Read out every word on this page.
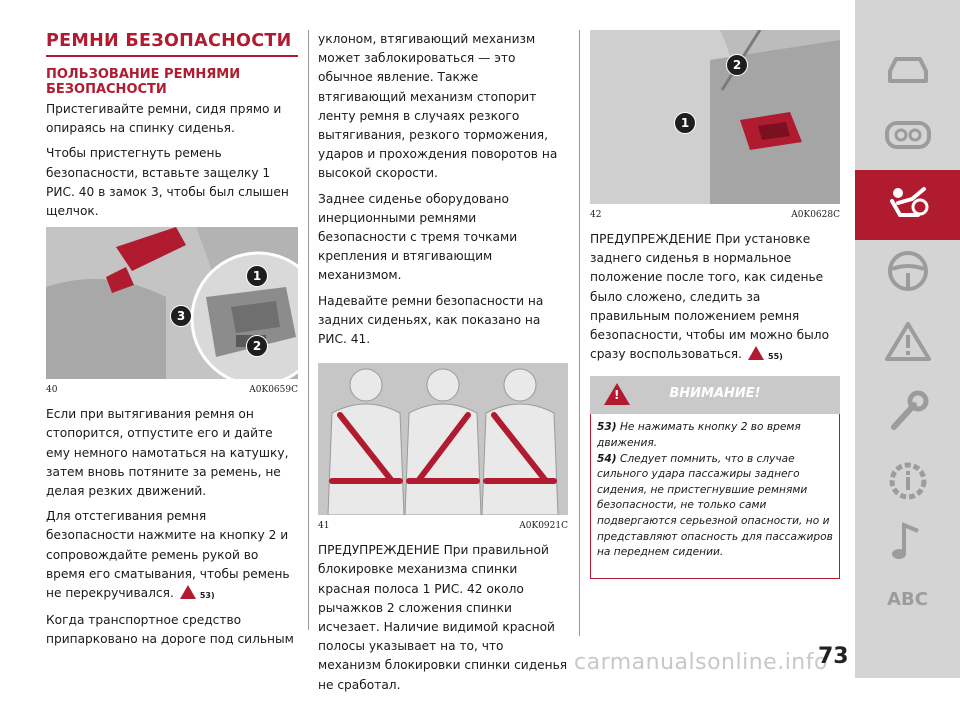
РЕМНИ БЕЗОПАСНОСТИ
ПОЛЬЗОВАНИЕ РЕМНЯМИ БЕЗОПАСНОСТИ

Пристегивайте ремни, сидя прямо и опираясь на спинку сиденья.

Чтобы пристегнуть ремень безопасности, вставьте защелку 1 РИС. 40 в замок 3, чтобы был слышен щелчок.

1
3
2
40	A0K0659C

Если при вытягивания ремня он стопорится, отпустите его и дайте ему немного намотаться на катушку, затем вновь потяните за ремень, не делая резких движений.

Для отстегивания ремня безопасности нажмите на кнопку 2 и сопровождайте ремень рукой во время его сматывания, чтобы ремень не перекручивался.	53)

Когда транспортное средство припарковано на дороге под сильным

уклоном, втягивающий механизм может заблокироваться — это обычное явление. Также втягивающий механизм стопорит ленту ремня в случаях резкого вытягивания, резкого торможения, ударов и прохождения поворотов на высокой скорости.

Заднее сиденье оборудовано инерционными ремнями безопасности с тремя точками крепления и втягивающим механизмом.

Надевайте ремни безопасности на задних сиденьях, как показано на РИС. 41.

41	A0K0921C

ПРЕДУПРЕЖДЕНИЕ При правильной блокировке механизма спинки красная полоса 1 РИС. 42 около рычажков 2 сложения спинки исчезает. Наличие видимой красной полосы указывает на то, что механизм блокировки спинки сиденья не сработал.

2
1
42	A0K0628C

ПРЕДУПРЕЖДЕНИЕ При установке заднего сиденья в нормальное положение после того, как сиденье было сложено, следить за правильным положением ремня безопасности, чтобы им можно было сразу воспользоваться.	55)

!	ВНИМАНИЕ!

53) Не нажимать кнопку 2 во время движения.

54) Следует помнить, что в случае сильного удара пассажиры заднего сидения, не пристегнувшие ремнями безопасности, не только сами подвергаются серьезной опасности, но и представляют опасность для пассажиров на переднем сидении.

ABC
carmanualsonline.info
73
